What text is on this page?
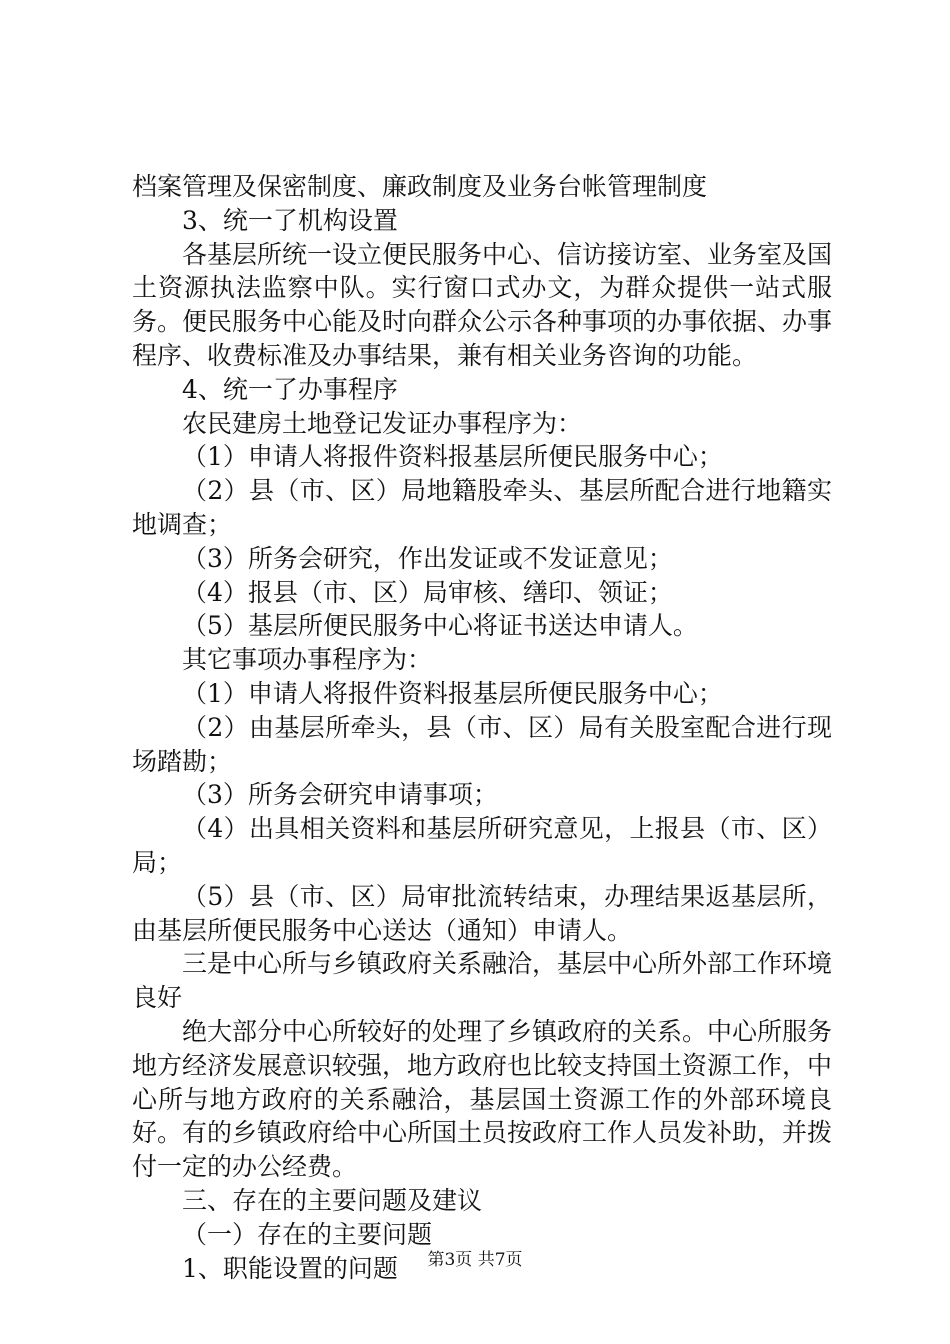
档案管理及保密制度、廉政制度及业务台帐管理制度

3、统一了机构设置

各基层所统一设立便民服务中心、信访接访室、业务室及国土资源执法监察中队。实行窗口式办文，为群众提供一站式服务。便民服务中心能及时向群众公示各种事项的办事依据、办事程序、收费标准及办事结果，兼有相关业务咨询的功能。

4、统一了办事程序

农民建房土地登记发证办事程序为：

（1）申请人将报件资料报基层所便民服务中心；

（2）县（市、区）局地籍股牵头、基层所配合进行地籍实地调查；

（3）所务会研究，作出发证或不发证意见；

（4）报县（市、区）局审核、缮印、领证；

（5）基层所便民服务中心将证书送达申请人。

其它事项办事程序为：

（1）申请人将报件资料报基层所便民服务中心；

（2）由基层所牵头，县（市、区）局有关股室配合进行现场踏勘；

（3）所务会研究申请事项；

（4）出具相关资料和基层所研究意见，上报县（市、区）局；

（5）县（市、区）局审批流转结束，办理结果返基层所，由基层所便民服务中心送达（通知）申请人。

三是中心所与乡镇政府关系融洽，基层中心所外部工作环境良好

绝大部分中心所较好的处理了乡镇政府的关系。中心所服务地方经济发展意识较强，地方政府也比较支持国土资源工作，中心所与地方政府的关系融洽，基层国土资源工作的外部环境良好。有的乡镇政府给中心所国土员按政府工作人员发补助，并拨付一定的办公经费。

三、存在的主要问题及建议

（一）存在的主要问题

1、职能设置的问题	第3页 共7页
